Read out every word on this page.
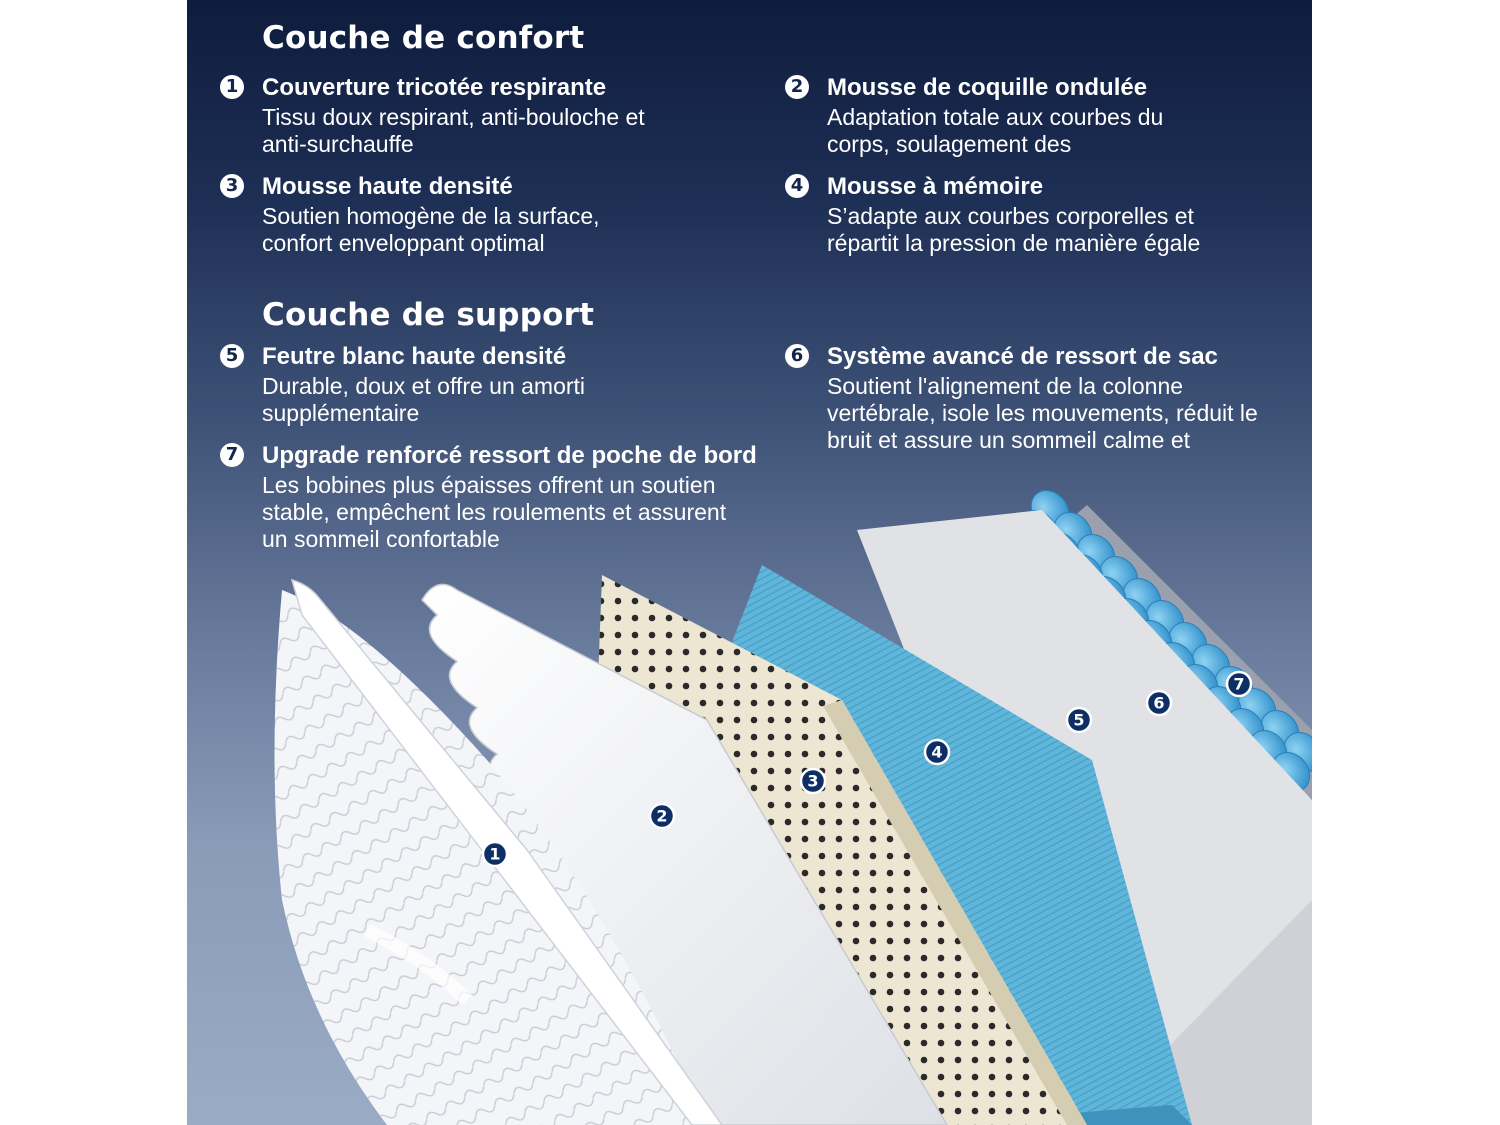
1
2
3
4
5
6
7
Couche de confort
1 Couverture tricotée respirante
Tissu doux respirant, anti-bouloche et anti-surchauffe
2 Mousse de coquille ondulée
Adaptation totale aux courbes du corps, soulagement des
3 Mousse haute densité
Soutien homogène de la surface, confort enveloppant optimal
4 Mousse à mémoire
S’adapte aux courbes corporelles et répartit la pression de manière égale
Couche de support
5 Feutre blanc haute densité
Durable, doux et offre un amorti supplémentaire
6 Système avancé de ressort de sac
Soutient l'alignement de la colonne vertébrale, isole les mouvements, réduit le bruit et assure un sommeil calme et
7 Upgrade renforcé ressort de poche de bord
Les bobines plus épaisses offrent un soutien stable, empêchent les roulements et assurent un sommeil confortable
